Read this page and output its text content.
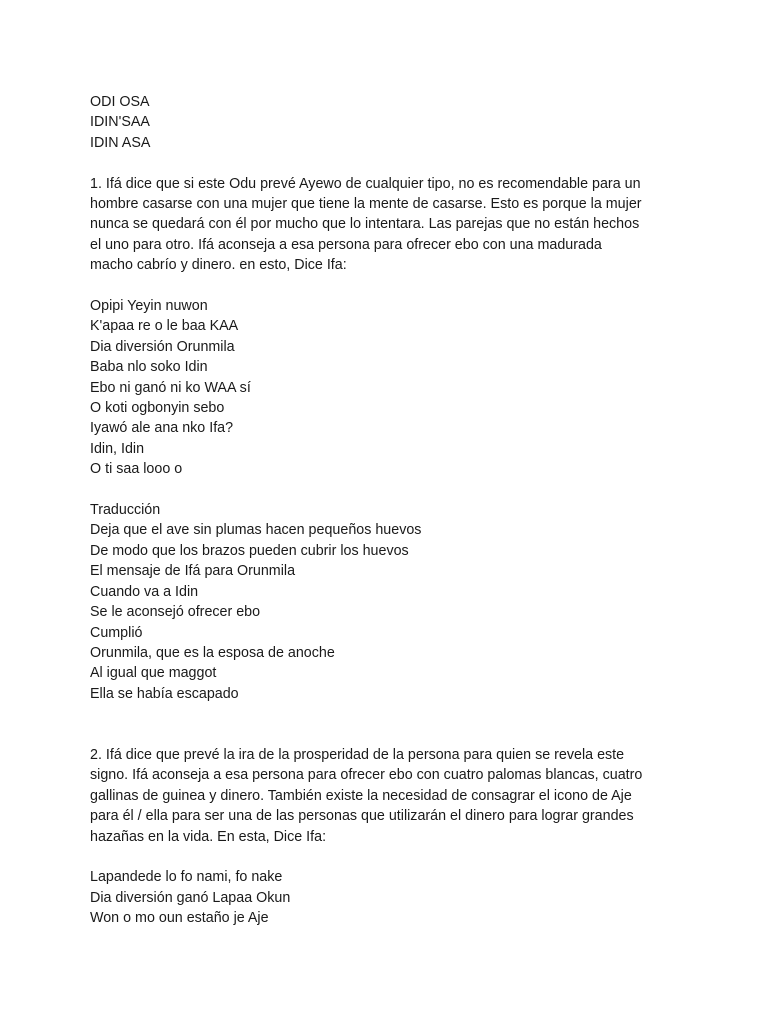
ODI OSA
IDIN'SAA
IDIN ASA
1. Ifá dice que si este Odu prevé Ayewo de cualquier tipo, no es recomendable para un
hombre casarse con una mujer que tiene la mente de casarse. Esto es porque la mujer
nunca se quedará con él por mucho que lo intentara. Las parejas que no están hechos
el uno para otro. Ifá aconseja a esa persona para ofrecer ebo con una madurada
macho cabrío y dinero. en esto, Dice Ifa:
Opipi Yeyin nuwon
K'apaa re o le baa KAA
Dia diversión Orunmila
Baba nlo soko Idin
Ebo ni ganó ni ko WAA sí
O koti ogbonyin sebo
Iyawó ale ana nko Ifa?
Idin, Idin
O ti saa looo o
Traducción
Deja que el ave sin plumas hacen pequeños huevos
De modo que los brazos pueden cubrir los huevos
El mensaje de Ifá para Orunmila
Cuando va a Idin
Se le aconsejó ofrecer ebo
Cumplió
Orunmila, que es la esposa de anoche
Al igual que maggot
Ella se había escapado
2. Ifá dice que prevé la ira de la prosperidad de la persona para quien se revela este
signo. Ifá aconseja a esa persona para ofrecer ebo con cuatro palomas blancas, cuatro
gallinas de guinea y dinero. También existe la necesidad de consagrar el icono de Aje
para él / ella para ser una de las personas que utilizarán el dinero para lograr grandes
hazañas en la vida. En esta, Dice Ifa:
Lapandede lo fo nami, fo nake
Dia diversión ganó Lapaa Okun
Won o mo oun estaño je Aje
